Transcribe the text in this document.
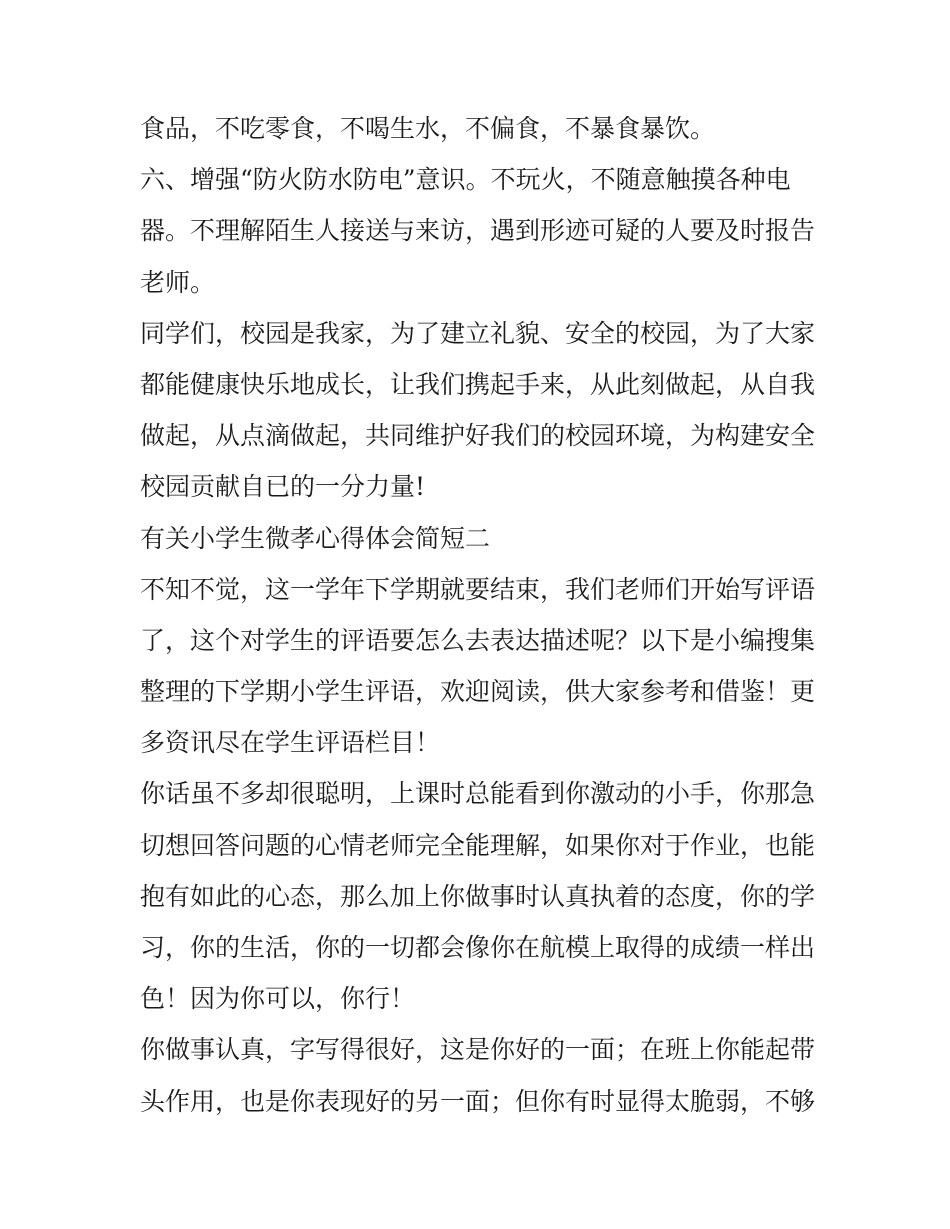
食品，不吃零食，不喝生水，不偏食，不暴食暴饮。
六、增强“防火防水防电”意识。不玩火，不随意触摸各种电
器。不理解陌生人接送与来访，遇到形迹可疑的人要及时报告
老师。
同学们，校园是我家，为了建立礼貌、安全的校园，为了大家
都能健康快乐地成长，让我们携起手来，从此刻做起，从自我
做起，从点滴做起，共同维护好我们的校园环境，为构建安全
校园贡献自已的一分力量!
有关小学生微孝心得体会简短二
不知不觉，这一学年下学期就要结束，我们老师们开始写评语
了，这个对学生的评语要怎么去表达描述呢？以下是小编搜集
整理的下学期小学生评语，欢迎阅读，供大家参考和借鉴！更
多资讯尽在学生评语栏目！
你话虽不多却很聪明，上课时总能看到你激动的小手，你那急
切想回答问题的心情老师完全能理解，如果你对于作业，也能
抱有如此的心态，那么加上你做事时认真执着的态度，你的学
习，你的生活，你的一切都会像你在航模上取得的成绩一样出
色！因为你可以，你行！
你做事认真，字写得很好，这是你好的一面；在班上你能起带
头作用，也是你表现好的另一面；但你有时显得太脆弱，不够
